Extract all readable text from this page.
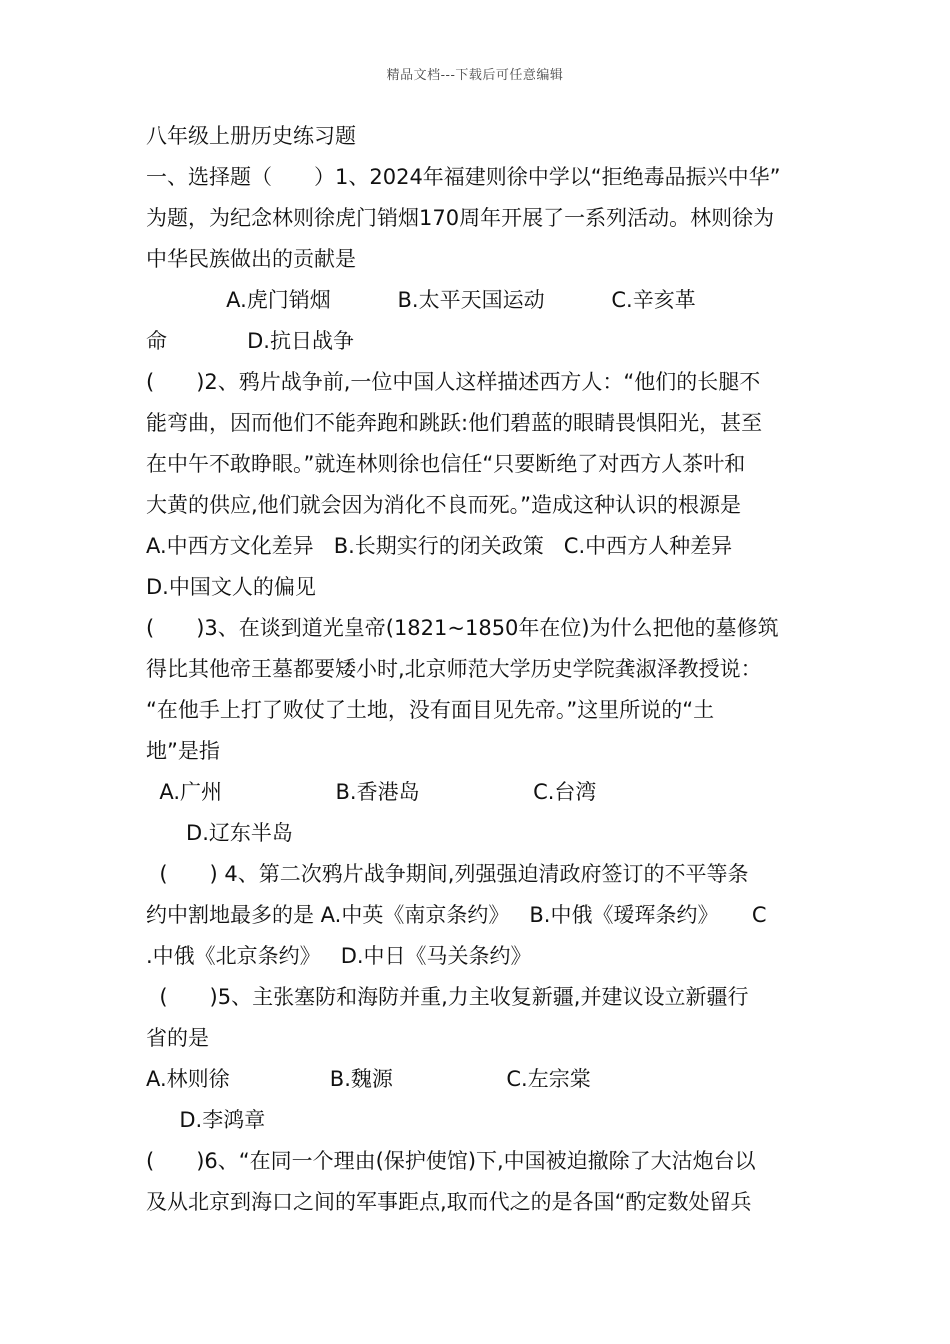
精品文档---下载后可任意编辑
八年级上册历史练习题
一、选择题（　　）1、2024年福建则徐中学以“拒绝毒品振兴中华”
为题，为纪念林则徐虎门销烟170周年开展了一系列活动。林则徐为
中华民族做出的贡献是
A.虎门销烟          B.太平天国运动          C.辛亥革
命            D.抗日战争
(　　)2、鸦片战争前,一位中国人这样描述西方人：“他们的长腿不
能弯曲，因而他们不能奔跑和跳跃:他们碧蓝的眼睛畏惧阳光，甚至
在中午不敢睁眼。”就连林则徐也信任“只要断绝了对西方人茶叶和
大黄的供应,他们就会因为消化不良而死。”造成这种认识的根源是
A.中西方文化差异   B.长期实行的闭关政策   C.中西方人种差异
D.中国文人的偏见
(　　)3、在谈到道光皇帝(1821~1850年在位)为什么把他的墓修筑
得比其他帝王墓都要矮小时,北京师范大学历史学院龚淑泽教授说：
“在他手上打了败仗了土地，没有面目见先帝。”这里所说的“土
地”是指
A.广州                 B.香港岛                 C.台湾
D.辽东半岛
(　　) 4、第二次鸦片战争期间,列强强迫清政府签订的不平等条
约中割地最多的是 A.中英《南京条约》   B.中俄《瑷珲条约》     C
.中俄《北京条约》   D.中日《马关条约》
(　　)5、主张塞防和海防并重,力主收复新疆,并建议设立新疆行
省的是
A.林则徐               B.魏源                 C.左宗棠
D.李鸿章
(　　)6、“在同一个理由(保护使馆)下,中国被迫撤除了大沽炮台以
及从北京到海口之间的军事距点,取而代之的是各国“酌定数处留兵
